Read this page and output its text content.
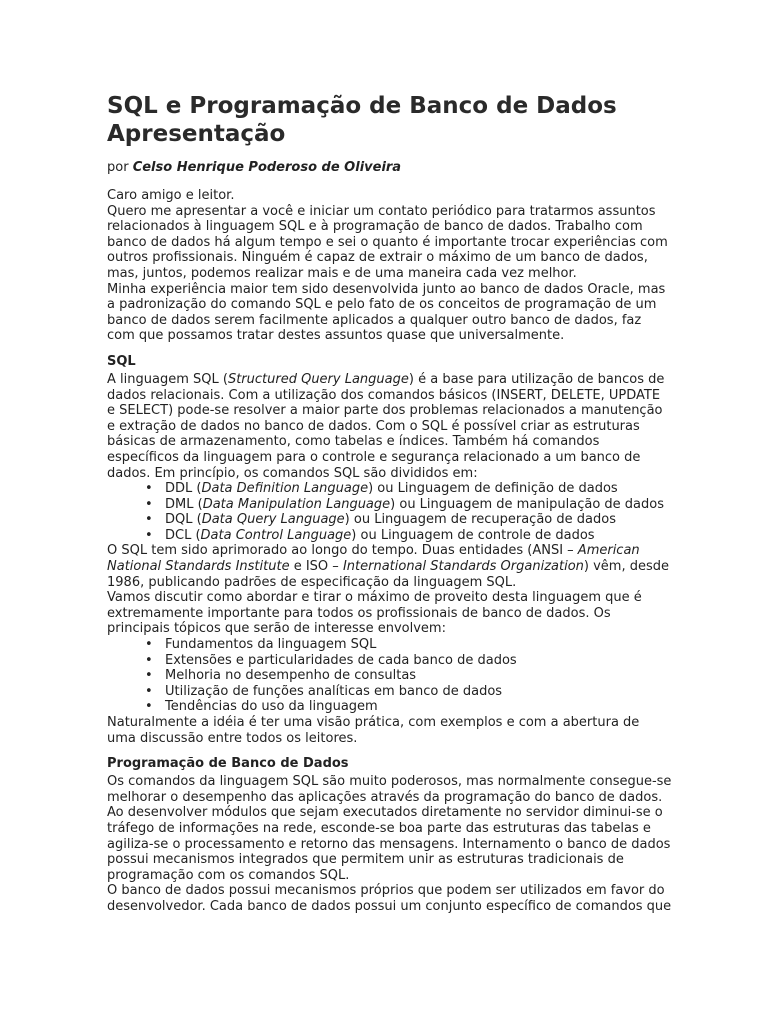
SQL e Programação de Banco de Dados
Apresentação

por Celso Henrique Poderoso de Oliveira

Caro amigo e leitor.

Quero me apresentar a você e iniciar um contato periódico para tratarmos assuntos relacionados à linguagem SQL e à programação de banco de dados. Trabalho com banco de dados há algum tempo e sei o quanto é importante trocar experiências com outros profissionais. Ninguém é capaz de extrair o máximo de um banco de dados, mas, juntos, podemos realizar mais e de uma maneira cada vez melhor.

Minha experiência maior tem sido desenvolvida junto ao banco de dados Oracle, mas a padronização do comando SQL e pelo fato de os conceitos de programação de um banco de dados serem facilmente aplicados a qualquer outro banco de dados, faz com que possamos tratar destes assuntos quase que universalmente.

SQL

A linguagem SQL (Structured Query Language) é a base para utilização de bancos de dados relacionais. Com a utilização dos comandos básicos (INSERT, DELETE, UPDATE e SELECT) pode-se resolver a maior parte dos problemas relacionados a manutenção e extração de dados no banco de dados. Com o SQL é possível criar as estruturas básicas de armazenamento, como tabelas e índices. Também há comandos específicos da linguagem para o controle e segurança relacionado a um banco de dados. Em princípio, os comandos SQL são divididos em:

• DDL (Data Definition Language) ou Linguagem de definição de dados
• DML (Data Manipulation Language) ou Linguagem de manipulação de dados
• DQL (Data Query Language) ou Linguagem de recuperação de dados
• DCL (Data Control Language) ou Linguagem de controle de dados

O SQL tem sido aprimorado ao longo do tempo. Duas entidades (ANSI – American National Standards Institute e ISO – International Standards Organization) vêm, desde 1986, publicando padrões de especificação da linguagem SQL.

Vamos discutir como abordar e tirar o máximo de proveito desta linguagem que é extremamente importante para todos os profissionais de banco de dados. Os principais tópicos que serão de interesse envolvem:

• Fundamentos da linguagem SQL
• Extensões e particularidades de cada banco de dados
• Melhoria no desempenho de consultas
• Utilização de funções analíticas em banco de dados
• Tendências do uso da linguagem

Naturalmente a idéia é ter uma visão prática, com exemplos e com a abertura de uma discussão entre todos os leitores.

Programação de Banco de Dados

Os comandos da linguagem SQL são muito poderosos, mas normalmente consegue-se melhorar o desempenho das aplicações através da programação do banco de dados. Ao desenvolver módulos que sejam executados diretamente no servidor diminui-se o tráfego de informações na rede, esconde-se boa parte das estruturas das tabelas e agiliza-se o processamento e retorno das mensagens. Internamento o banco de dados possui mecanismos integrados que permitem unir as estruturas tradicionais de programação com os comandos SQL.

O banco de dados possui mecanismos próprios que podem ser utilizados em favor do desenvolvedor. Cada banco de dados possui um conjunto específico de comandos que
